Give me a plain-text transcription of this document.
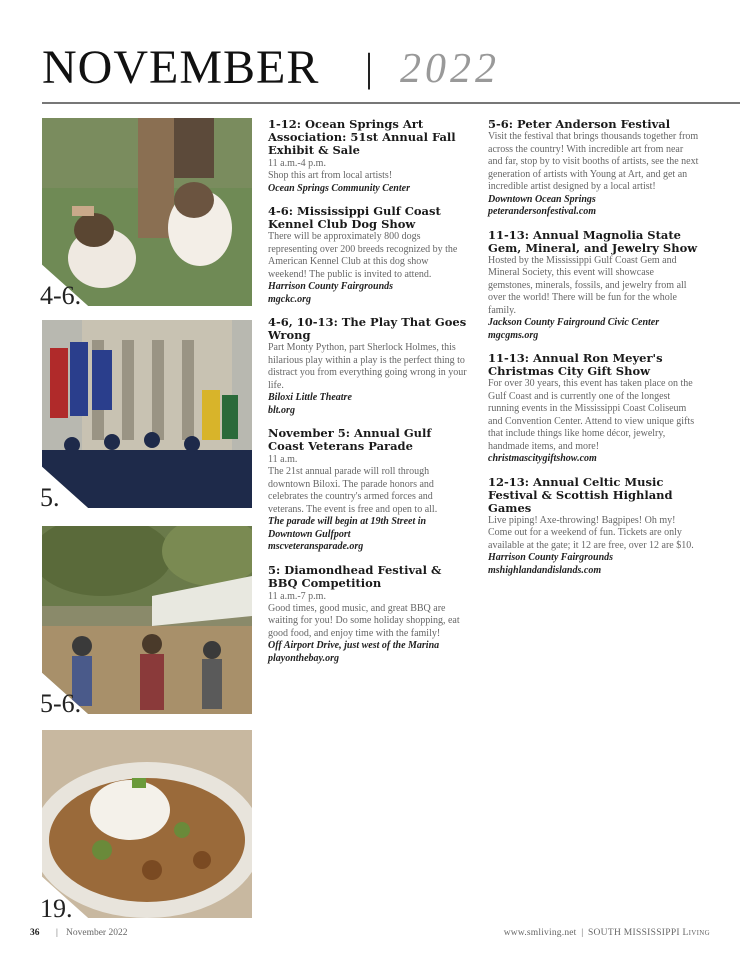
NOVEMBER | 2022
4-6.
5.
5-6.
19.
1-12: Ocean Springs Art Association: 51st Annual Fall Exhibit & Sale
11 a.m.-4 p.m.
Shop this art from local artists!
Ocean Springs Community Center
4-6: Mississippi Gulf Coast Kennel Club Dog Show
There will be approximately 800 dogs representing over 200 breeds recognized by the American Kennel Club at this dog show weekend! The public is invited to attend.
Harrison County Fairgrounds
mgckc.org
4-6, 10-13: The Play That Goes Wrong
Part Monty Python, part Sherlock Holmes, this hilarious play within a play is the perfect thing to distract you from everything going wrong in your life.
Biloxi Little Theatre
blt.org
November 5: Annual Gulf Coast Veterans Parade
11 a.m.
The 21st annual parade will roll through downtown Biloxi. The parade honors and celebrates the country's armed forces and veterans. The event is free and open to all.
The parade will begin at 19th Street in Downtown Gulfport
mscveteransparade.org
5: Diamondhead Festival & BBQ Competition
11 a.m.-7 p.m.
Good times, good music, and great BBQ are waiting for you! Do some holiday shopping, eat good food, and enjoy time with the family!
Off Airport Drive, just west of the Marina
playonthebay.org
5-6: Peter Anderson Festival
Visit the festival that brings thousands together from across the country! With incredible art from near and far, stop by to visit booths of artists, see the next generation of artists with Young at Art, and get an incredible artist designed by a local artist!
Downtown Ocean Springs
peterandersonfestival.com
11-13: Annual Magnolia State Gem, Mineral, and Jewelry Show
Hosted by the Mississippi Gulf Coast Gem and Mineral Society, this event will showcase gemstones, minerals, fossils, and jewelry from all over the world! There will be fun for the whole family.
Jackson County Fairground Civic Center
mgcgms.org
11-13: Annual Ron Meyer's Christmas City Gift Show
For over 30 years, this event has taken place on the Gulf Coast and is currently one of the longest running events in the Mississippi Coast Coliseum and Convention Center. Attend to view unique gifts that include things like home décor, jewelry, handmade items, and more!
christmascitygiftshow.com
12-13: Annual Celtic Music Festival & Scottish Highland Games
Live piping! Axe-throwing! Bagpipes! Oh my! Come out for a weekend of fun. Tickets are only available at the gate; it 12 are free, over 12 are $10.
Harrison County Fairgrounds
mshighlandandislands.com
36 | November 2022	www.smliving.net | SOUTH MISSISSIPPI Living
